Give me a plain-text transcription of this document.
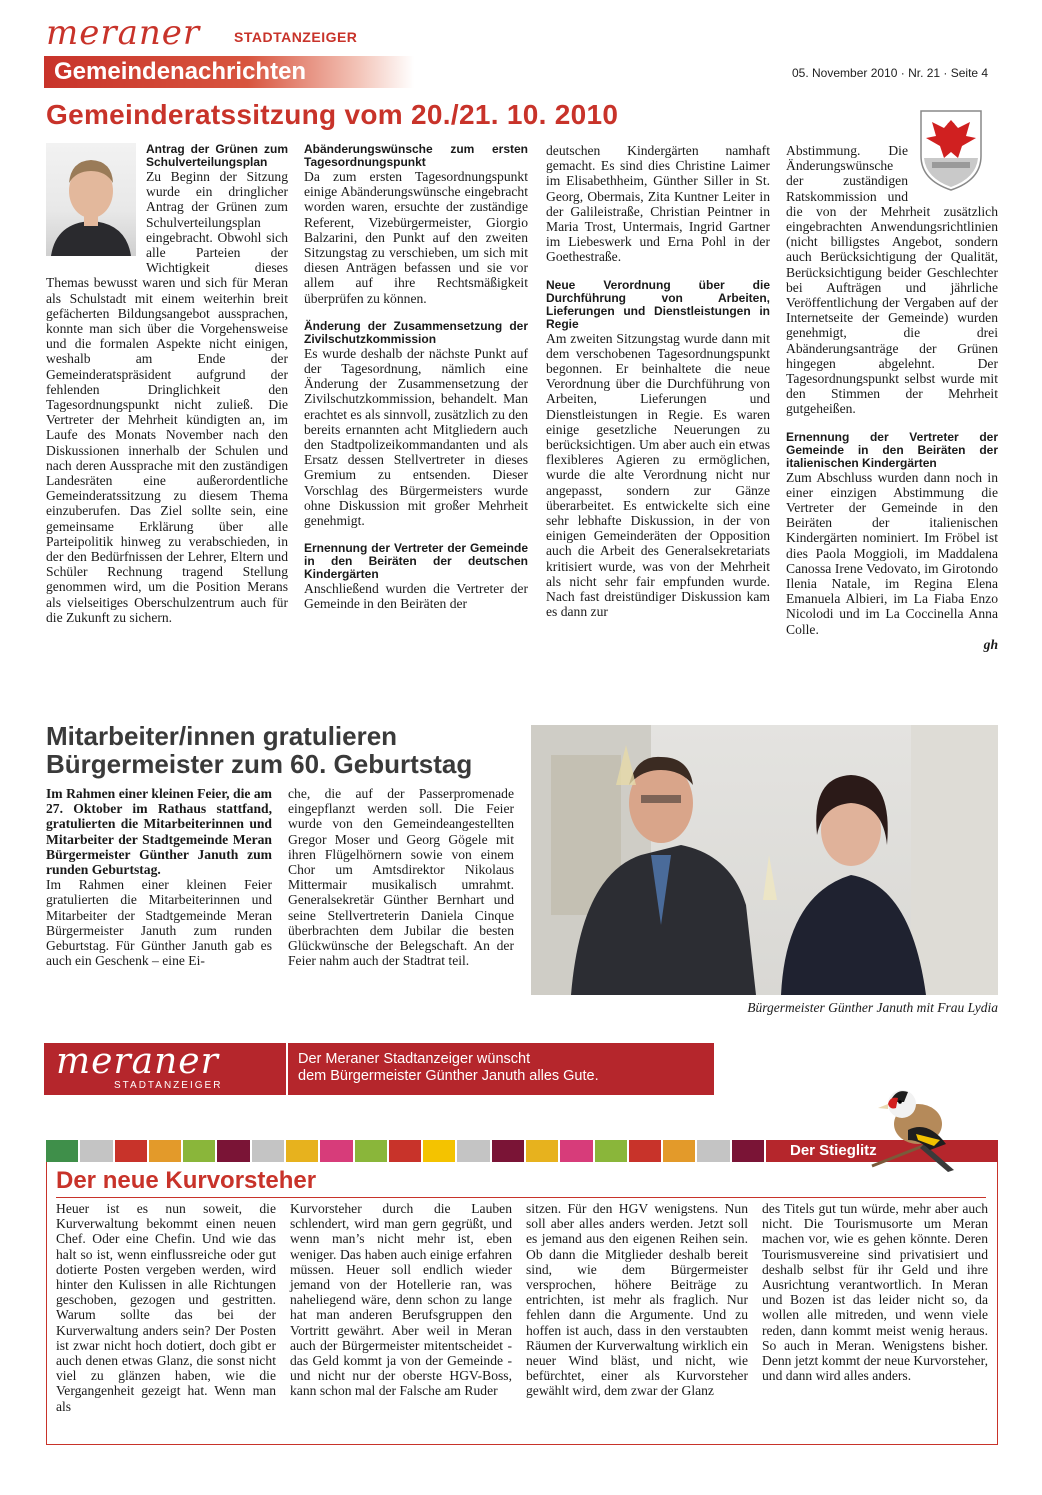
meraner STADTANZEIGER
Gemeindenachrichten	05. November 2010 · Nr. 21 · Seite 4
Gemeinderatssitzung vom 20./21. 10. 2010
Antrag der Grünen zum Schulverteilungsplan

Zu Beginn der Sitzung wurde ein dringlicher Antrag der Grünen zum Schulverteilungsplan eingebracht. Obwohl sich alle Parteien der Wichtigkeit dieses Themas bewusst waren und sich für Meran als Schulstadt mit einem weiterhin breit gefächerten Bildungsangebot aussprachen, konnte man sich über die Vorgehensweise und die formalen Aspekte nicht einigen, weshalb am Ende der Gemeinderatspräsident aufgrund der fehlenden Dringlichkeit den Tagesordnungspunkt nicht zuließ. Die Vertreter der Mehrheit kündigten an, im Laufe des Monats November nach den Diskussionen innerhalb der Schulen und nach deren Aussprache mit den zuständigen Landesräten eine außerordentliche Gemeinderatssitzung zu diesem Thema einzuberufen. Das Ziel sollte sein, eine gemeinsame Erklärung über alle Parteipolitik hinweg zu verabschieden, in der den Bedürfnissen der Lehrer, Eltern und Schüler Rechnung tragend Stellung genommen wird, um die Position Merans als vielseitiges Oberschulzentrum auch für die Zukunft zu sichern.

Abänderungswünsche zum ersten Tagesordnungspunkt

Da zum ersten Tagesordnungspunkt einige Abänderungswünsche eingebracht worden waren, ersuchte der zuständige Referent, Vizebürgermeister, Giorgio Balzarini, den Punkt auf den zweiten Sitzungstag zu verschieben, um sich mit diesen Anträgen befassen und sie vor allem auf ihre Rechtsmäßigkeit überprüfen zu können.

Änderung der Zusammensetzung der Zivilschutzkommission

Es wurde deshalb der nächste Punkt auf der Tagesordnung, nämlich eine Änderung der Zusammensetzung der Zivilschutzkommission, behandelt. Man erachtet es als sinnvoll, zusätzlich zu den bereits ernannten acht Mitgliedern auch den Stadtpolizeikommandanten und als Ersatz dessen Stellvertreter in dieses Gremium zu entsenden. Dieser Vorschlag des Bürgermeisters wurde ohne Diskussion mit großer Mehrheit genehmigt.

Ernennung der Vertreter der Gemeinde in den Beiräten der deutschen Kindergärten

Anschließend wurden die Vertreter der Gemeinde in den Beiräten der

deutschen Kindergärten namhaft gemacht. Es sind dies Christine Laimer im Elisabethheim, Günther Siller in St. Georg, Obermais, Zita Kuntner Leiter in der Galileistraße, Christian Peintner in Maria Trost, Untermais, Ingrid Gartner im Liebeswerk und Erna Pohl in der Goethestraße.

Neue Verordnung über die Durchführung von Arbeiten, Lieferungen und Dienstleistungen in Regie

Am zweiten Sitzungstag wurde dann mit dem verschobenen Tagesordnungspunkt begonnen. Er beinhaltete die neue Verordnung über die Durchführung von Arbeiten, Lieferungen und Dienstleistungen in Regie. Es waren einige gesetzliche Neuerungen zu berücksichtigen. Um aber auch ein etwas flexibleres Agieren zu ermöglichen, wurde die alte Verordnung nicht nur angepasst, sondern zur Gänze überarbeitet. Es entwickelte sich eine sehr lebhafte Diskussion, in der von einigen Gemeinderäten der Opposition auch die Arbeit des Generalsekretariats kritisiert wurde, was von der Mehrheit als nicht sehr fair empfunden wurde. Nach fast dreistündiger Diskussion kam es dann zur

Abstimmung. Die Änderungswünsche der zuständigen Ratskommission und die von der Mehrheit zusätzlich eingebrachten Anwendungsrichtlinien (nicht billigstes Angebot, sondern auch Berücksichtigung der Qualität, Berücksichtigung beider Geschlechter bei Aufträgen und jährliche Veröffentlichung der Vergaben auf der Internetseite der Gemeinde) wurden genehmigt, die drei Abänderungsanträge der Grünen hingegen abgelehnt. Der Tagesordnungspunkt selbst wurde mit den Stimmen der Mehrheit gutgeheißen.

Ernennung der Vertreter der Gemeinde in den Beiräten der italienischen Kindergärten

Zum Abschluss wurden dann noch in einer einzigen Abstimmung die Vertreter der Gemeinde in den Beiräten der italienischen Kindergärten nominiert. Im Fröbel ist dies Paola Moggioli, im Maddalena Canossa Irene Vedovato, im Girotondo Ilenia Natale, im Regina Elena Emanuela Albieri, im La Fiaba Enzo Nicolodi und im La Coccinella Anna Colle.

gh

Mitarbeiter/innen gratulieren
Bürgermeister zum 60. Geburtstag

Im Rahmen einer kleinen Feier, die am 27. Oktober im Rathaus stattfand, gratulierten die Mitarbeiterinnen und Mitarbeiter der Stadtgemeinde Meran Bürgermeister Günther Januth zum runden Geburtstag.

Im Rahmen einer kleinen Feier gratulierten die Mitarbeiterinnen und Mitarbeiter der Stadtgemeinde Meran Bürgermeister Januth zum runden Geburtstag. Für Günther Januth gab es auch ein Geschenk – eine Ei-

che, die auf der Passerpromenade eingepflanzt werden soll. Die Feier wurde von den Gemeindeangestellten Gregor Moser und Georg Gögele mit ihren Flügelhörnern sowie von einem Chor um Amtsdirektor Nikolaus Mittermair musikalisch umrahmt. Generalsekretär Günther Bernhart und seine Stellvertreterin Daniela Cinque überbrachten dem Jubilar die besten Glückwünsche der Belegschaft. An der Feier nahm auch der Stadtrat teil.

Bürgermeister Günther Januth mit Frau Lydia
meraner
STADTANZEIGER
Der Meraner Stadtanzeiger wünscht
dem Bürgermeister Günther Januth alles Gute.
Der Stieglitz
Der neue Kurvorsteher

Heuer ist es nun soweit, die Kurverwaltung bekommt einen neuen Chef. Oder eine Chefin. Und wie das halt so ist, wenn einflussreiche oder gut dotierte Posten vergeben werden, wird hinter den Kulissen in alle Richtungen geschoben, gezogen und gestritten. Warum sollte das bei der Kurverwaltung anders sein? Der Posten ist zwar nicht hoch dotiert, doch gibt er auch denen etwas Glanz, die sonst nicht viel zu glänzen haben, wie die Vergangenheit gezeigt hat. Wenn man als

Kurvorsteher durch die Lauben schlendert, wird man gern gegrüßt, und wenn man’s nicht mehr ist, eben weniger. Das haben auch einige erfahren müssen. Heuer soll endlich wieder jemand von der Hotellerie ran, was naheliegend wäre, denn schon zu lange hat man anderen Berufsgruppen den Vortritt gewährt. Aber weil in Meran auch der Bürgermeister mitentscheidet - das Geld kommt ja von der Gemeinde - und nicht nur der oberste HGV-Boss, kann schon mal der Falsche am Ruder

sitzen. Für den HGV wenigstens. Nun soll aber alles anders werden. Jetzt soll es jemand aus den eigenen Reihen sein. Ob dann die Mitglieder deshalb bereit sind, wie dem Bürgermeister versprochen, höhere Beiträge zu entrichten, ist mehr als fraglich. Nur fehlen dann die Argumente. Und zu hoffen ist auch, dass in den verstaubten Räumen der Kurverwaltung wirklich ein neuer Wind bläst, und nicht, wie befürchtet, einer als Kurvorsteher gewählt wird, dem zwar der Glanz

des Titels gut tun würde, mehr aber auch nicht. Die Tourismusorte um Meran machen vor, wie es gehen könnte. Deren Tourismusvereine sind privatisiert und deshalb selbst für ihr Geld und ihre Ausrichtung verantwortlich. In Meran und Bozen ist das leider nicht so, da wollen alle mitreden, und wenn viele reden, dann kommt meist wenig heraus. So auch in Meran. Wenigstens bisher. Denn jetzt kommt der neue Kurvorsteher, und dann wird alles anders.
